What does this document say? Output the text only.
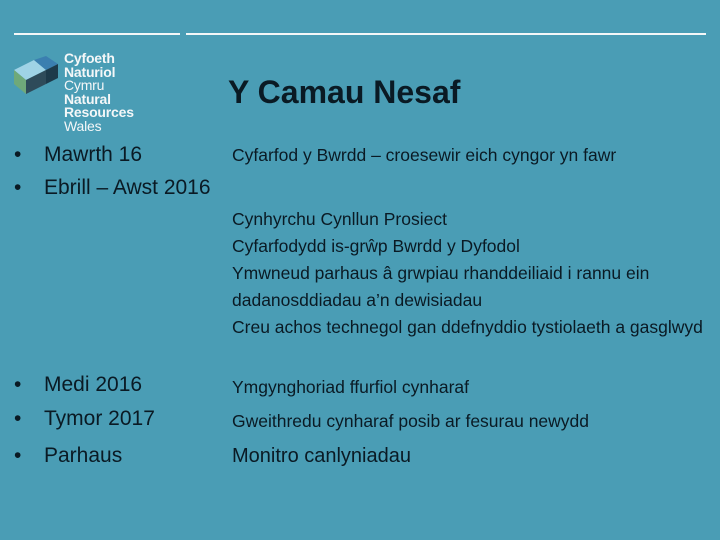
Cyfoeth
Naturiol
Cymru
Natural
Resources
Wales
Y Camau Nesaf
• Mawrth 16	Cyfarfod y Bwrdd – croesewir eich cyngor yn fawr
• Ebrill – Awst 2016
Cynhyrchu Cynllun Prosiect
Cyfarfodydd is-grŵp Bwrdd y Dyfodol
Ymwneud parhaus â grwpiau rhanddeiliaid i rannu ein dadanosddiadau a’n dewisiadau
Creu achos technegol gan ddefnyddio tystiolaeth a gasglwyd
• Medi 2016	Ymgynghoriad ffurfiol cynharaf
• Tymor 2017	Gweithredu cynharaf posib ar fesurau newydd
• Parhaus	Monitro canlyniadau
